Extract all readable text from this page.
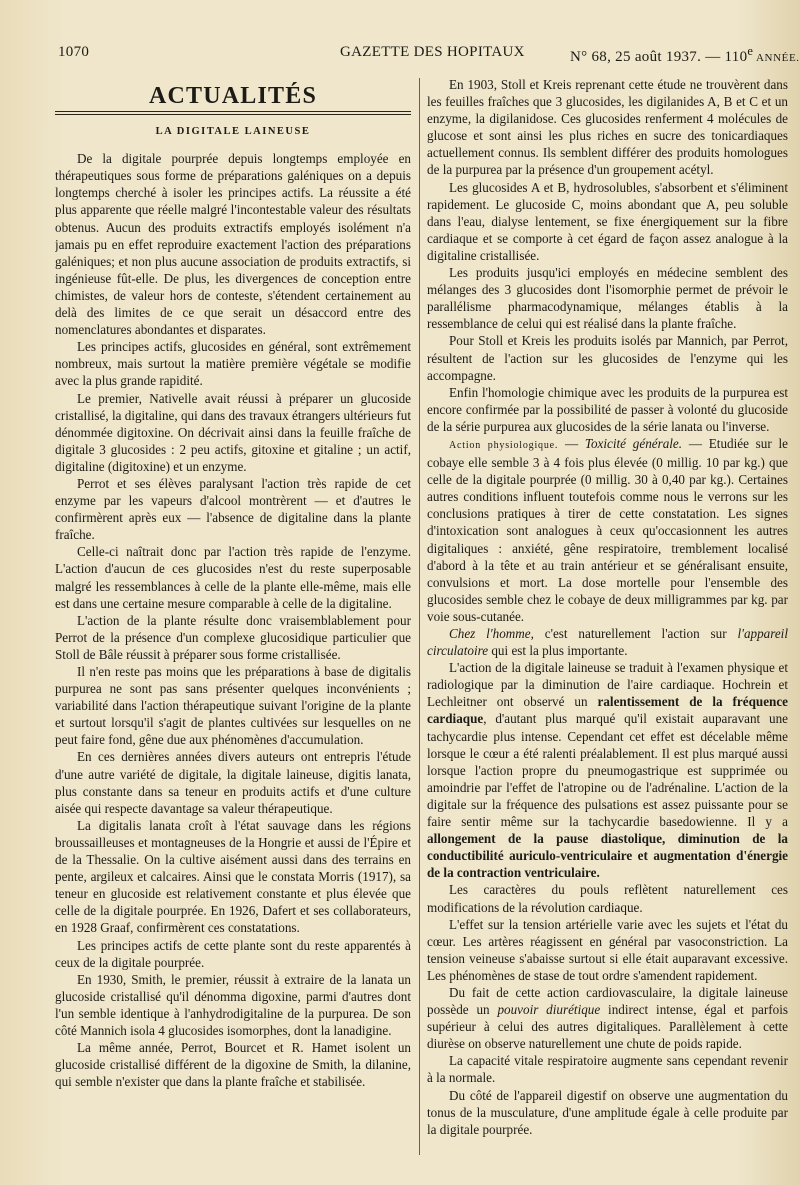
1070	GAZETTE DES HOPITAUX	N° 68, 25 août 1937. — 110e ANNÉE.
ACTUALITÉS
LA DIGITALE LAINEUSE

De la digitale pourprée depuis longtemps employée en thérapeutiques sous forme de préparations galéniques on a depuis longtemps cherché à isoler les principes actifs. La réussite a été plus apparente que réelle malgré l'incontestable valeur des résultats obtenus. Aucun des produits extractifs employés isolément n'a jamais pu en effet reproduire exactement l'action des préparations galéniques; et non plus aucune association de produits extractifs, si ingénieuse fût-elle. De plus, les divergences de conception entre chimistes, de valeur hors de conteste, s'étendent certainement au delà des limites de ce que serait un désaccord entre des nomenclatures abondantes et disparates.

Les principes actifs, glucosides en général, sont extrêmement nombreux, mais surtout la matière première végétale se modifie avec la plus grande rapidité.

Le premier, Nativelle avait réussi à préparer un glucoside cristallisé, la digitaline, qui dans des travaux étrangers ultérieurs fut dénommée digitoxine. On décrivait ainsi dans la feuille fraîche de digitale 3 glucosides : 2 peu actifs, gitoxine et gitaline ; un actif, digitaline (digitoxine) et un enzyme.

Perrot et ses élèves paralysant l'action très rapide de cet enzyme par les vapeurs d'alcool montrèrent — et d'autres le confirmèrent après eux — l'absence de digitaline dans la plante fraîche.

Celle-ci naîtrait donc par l'action très rapide de l'enzyme. L'action d'aucun de ces glucosides n'est du reste superposable malgré les ressemblances à celle de la plante elle-même, mais elle est dans une certaine mesure comparable à celle de la digitaline.

L'action de la plante résulte donc vraisemblablement pour Perrot de la présence d'un complexe glucosidique particulier que Stoll de Bâle réussit à préparer sous forme cristallisée.

Il n'en reste pas moins que les préparations à base de digitalis purpurea ne sont pas sans présenter quelques inconvénients ; variabilité dans l'action thérapeutique suivant l'origine de la plante et surtout lorsqu'il s'agit de plantes cultivées sur lesquelles on ne peut faire fond, gêne due aux phénomènes d'accumulation.

En ces dernières années divers auteurs ont entrepris l'étude d'une autre variété de digitale, la digitale laineuse, digitis lanata, plus constante dans sa teneur en produits actifs et d'une culture aisée qui respecte davantage sa valeur thérapeutique.

La digitalis lanata croît à l'état sauvage dans les régions broussailleuses et montagneuses de la Hongrie et aussi de l'Épire et de la Thessalie. On la cultive aisément aussi dans des terrains en pente, argileux et calcaires. Ainsi que le constata Morris (1917), sa teneur en glucoside est relativement constante et plus élevée que celle de la digitale pourprée. En 1926, Dafert et ses collaborateurs, en 1928 Graaf, confirmèrent ces constatations.

Les principes actifs de cette plante sont du reste apparentés à ceux de la digitale pourprée.

En 1930, Smith, le premier, réussit à extraire de la lanata un glucoside cristallisé qu'il dénomma digoxine, parmi d'autres dont l'un semble identique à l'anhydrodigitaline de la purpurea. De son côté Mannich isola 4 glucosides isomorphes, dont la lanadigine.

La même année, Perrot, Bourcet et R. Hamet isolent un glucoside cristallisé différent de la digoxine de Smith, la dilanine, qui semble n'exister que dans la plante fraîche et stabilisée.

En 1903, Stoll et Kreis reprenant cette étude ne trouvèrent dans les feuilles fraîches que 3 glucosides, les digilanides A, B et C et un enzyme, la digilanidose. Ces glucosides renferment 4 molécules de glucose et sont ainsi les plus riches en sucre des tonicardiaques actuellement connus. Ils semblent différer des produits homologues de la purpurea par la présence d'un groupement acétyl.

Les glucosides A et B, hydrosolubles, s'absorbent et s'éliminent rapidement. Le glucoside C, moins abondant que A, peu soluble dans l'eau, dialyse lentement, se fixe énergiquement sur la fibre cardiaque et se comporte à cet égard de façon assez analogue à la digitaline cristallisée.

Les produits jusqu'ici employés en médecine semblent des mélanges des 3 glucosides dont l'isomorphie permet de prévoir le parallélisme pharmacodynamique, mélanges établis à la ressemblance de celui qui est réalisé dans la plante fraîche.

Pour Stoll et Kreis les produits isolés par Mannich, par Perrot, résultent de l'action sur les glucosides de l'enzyme qui les accompagne.

Enfin l'homologie chimique avec les produits de la purpurea est encore confirmée par la possibilité de passer à volonté du glucoside de la série purpurea aux glucosides de la série lanata ou l'inverse.

Action physiologique. — Toxicité générale. — Etudiée sur le cobaye elle semble 3 à 4 fois plus élevée (0 millig. 10 par kg.) que celle de la digitale pourprée (0 millig. 30 à 0,40 par kg.). Certaines autres conditions influent toutefois comme nous le verrons sur les conclusions pratiques à tirer de cette constatation. Les signes d'intoxication sont analogues à ceux qu'occasionnent les autres digitaliques : anxiété, gêne respiratoire, tremblement localisé d'abord à la tête et au train antérieur et se généralisant ensuite, convulsions et mort. La dose mortelle pour l'ensemble des glucosides semble chez le cobaye de deux milligrammes par kg. par voie sous-cutanée.

Chez l'homme, c'est naturellement l'action sur l'appareil circulatoire qui est la plus importante.

L'action de la digitale laineuse se traduit à l'examen physique et radiologique par la diminution de l'aire cardiaque. Hochrein et Lechleitner ont observé un ralentissement de la fréquence cardiaque, d'autant plus marqué qu'il existait auparavant une tachycardie plus intense. Cependant cet effet est décelable même lorsque le cœur a été ralenti préalablement. Il est plus marqué aussi lorsque l'action propre du pneumogastrique est supprimée ou amoindrie par l'effet de l'atropine ou de l'adrénaline. L'action de la digitale sur la fréquence des pulsations est assez puissante pour se faire sentir même sur la tachycardie basedowienne. Il y a allongement de la pause diastolique, diminution de la conductibilité auriculo-ventriculaire et augmentation d'énergie de la contraction ventriculaire.

Les caractères du pouls reflètent naturellement ces modifications de la révolution cardiaque.

L'effet sur la tension artérielle varie avec les sujets et l'état du cœur. Les artères réagissent en général par vasoconstriction. La tension veineuse s'abaisse surtout si elle était auparavant excessive. Les phénomènes de stase de tout ordre s'amendent rapidement.

Du fait de cette action cardiovasculaire, la digitale laineuse possède un pouvoir diurétique indirect intense, égal et parfois supérieur à celui des autres digitaliques. Parallèlement à cette diurèse on observe naturellement une chute de poids rapide.

La capacité vitale respiratoire augmente sans cependant revenir à la normale.

Du côté de l'appareil digestif on observe une augmentation du tonus de la musculature, d'une amplitude égale à celle produite par la digitale pourprée.
